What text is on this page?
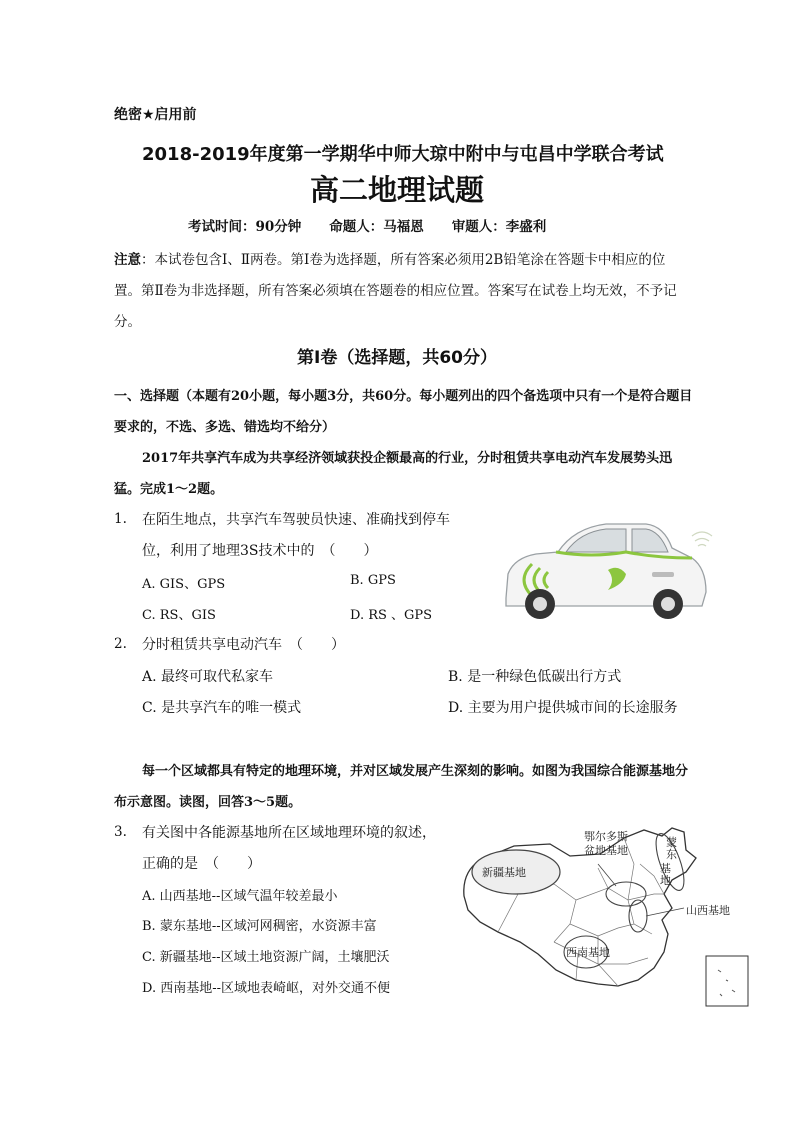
绝密★启用前
2018-2019年度第一学期华中师大琼中附中与屯昌中学联合考试
高二地理试题
考试时间：90分钟 命题人：马福恩 审题人：李盛利
注意：本试卷包含Ⅰ、Ⅱ两卷。第Ⅰ卷为选择题，所有答案必须用2B铅笔涂在答题卡中相应的位置。第Ⅱ卷为非选择题，所有答案必须填在答题卷的相应位置。答案写在试卷上均无效，不予记分。
第Ⅰ卷（选择题，共60分）
一、选择题（本题有20小题，每小题3分，共60分。每小题列出的四个备选项中只有一个是符合题目要求的，不选、多选、错选均不给分）
2017年共享汽车成为共享经济领域获投企额最高的行业，分时租赁共享电动汽车发展势头迅猛。完成1～2题。
1. 在陌生地点，共享汽车驾驶员快速、准确找到停车
位，利用了地理3S技术中的　（　　）
A. GIS、GPS	B. GPS
C. RS、GIS	D. RS 、GPS
2. 分时租赁共享电动汽车　（　　）
A. 最终可取代私家车	B. 是一种绿色低碳出行方式
C. 是共享汽车的唯一模式	D. 主要为用户提供城市间的长途服务
每一个区域都具有特定的地理环境，并对区域发展产生深刻的影响。如图为我国综合能源基地分布示意图。读图，回答3～5题。
3. 有关图中各能源基地所在区域地理环境的叙述，
正确的是　（　　）
A. 山西基地--区域气温年较差最小
B. 蒙东基地--区域河网稠密，水资源丰富
C. 新疆基地--区域土地资源广阔，土壤肥沃
D. 西南基地--区域地表崎岖，对外交通不便
新疆基地
鄂尔多斯
盆地基地
蒙
东
基
地
山西基地
西南基地
